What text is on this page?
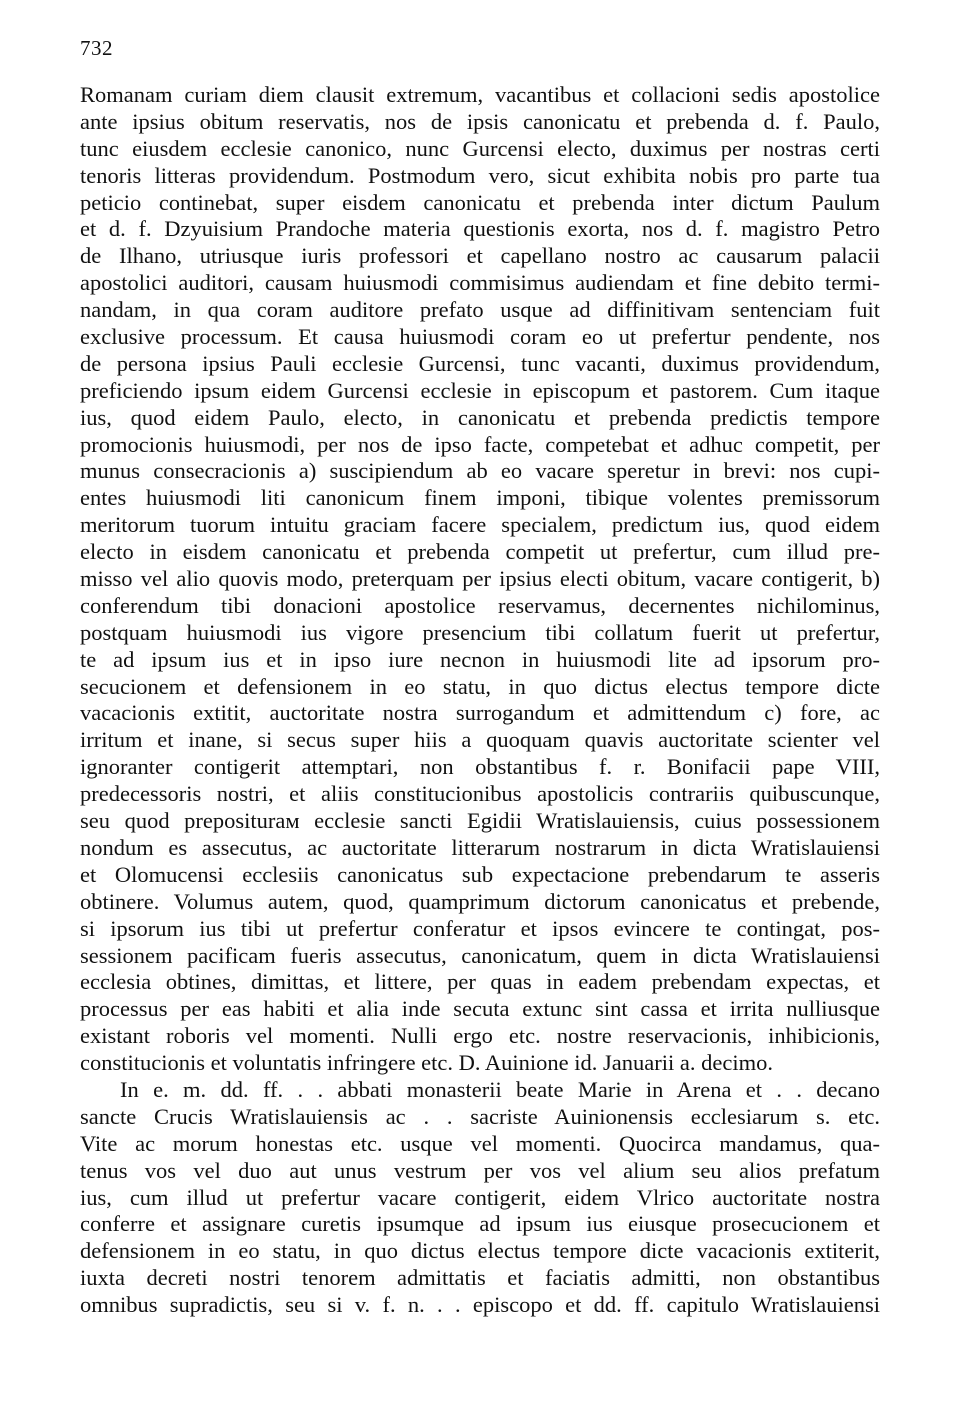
732
Romanam curiam diem clausit extremum, vacantibus et collacioni sedis apostolice
ante ipsius obitum reservatis, nos de ipsis canonicatu et prebenda d. f. Paulo,
tunc eiusdem ecclesie canonico, nunc Gurcensi electo, duximus per nostras certi
tenoris litteras providendum. Postmodum vero, sicut exhibita nobis pro parte tua
peticio continebat, super eisdem canonicatu et prebenda inter dictum Paulum
et d. f. Dzyuisium Prandoche materia questionis exorta, nos d. f. magistro Petro
de Ilhano, utriusque iuris professori et capellano nostro ac causarum palacii
apostolici auditori, causam huiusmodi commisimus audiendam et fine debito termi-
nandam, in qua coram auditore prefato usque ad diffinitivam sentenciam fuit
exclusive processum. Et causa huiusmodi coram eo ut prefertur pendente, nos
de persona ipsius Pauli ecclesie Gurcensi, tunc vacanti, duximus providendum,
preficiendo ipsum eidem Gurcensi ecclesie in episcopum et pastorem. Cum itaque
ius, quod eidem Paulo, electo, in canonicatu et prebenda predictis tempore
promocionis huiusmodi, per nos de ipso facte, competebat et adhuc competit, per
munus consecracionis a) suscipiendum ab eo vacare speretur in brevi: nos cupi-
entes huiusmodi liti canonicum finem imponi, tibique volentes premissorum
meritorum tuorum intuitu graciam facere specialem, predictum ius, quod eidem
electo in eisdem canonicatu et prebenda competit ut prefertur, cum illud pre-
misso vel alio quovis modo, preterquam per ipsius electi obitum, vacare contigerit, b)
conferendum tibi donacioni apostolice reservamus, decernentes nichilominus,
postquam huiusmodi ius vigore presencium tibi collatum fuerit ut prefertur,
te ad ipsum ius et in ipso iure necnon in huiusmodi lite ad ipsorum pro-
secucionem et defensionem in eo statu, in quo dictus electus tempore dicte
vacacionis extitit, auctoritate nostra surrogandum et admittendum c) fore, ac
irritum et inane, si secus super hiis a quoquam quavis auctoritate scienter vel
ignoranter contigerit attemptari, non obstantibus f. r. Bonifacii pape VIII,
predecessoris nostri, et aliis constitucionibus apostolicis contrariis quibuscunque,
seu quod prepositurам ecclesie sancti Egidii Wratislauiensis, cuius possessionem
nondum es assecutus, ac auctoritate litterarum nostrarum in dicta Wratislauiensi
et Olomucensi ecclesiis canonicatus sub expectacione prebendarum te asseris
obtinere. Volumus autem, quod, quamprimum dictorum canonicatus et prebende,
si ipsorum ius tibi ut prefertur conferatur et ipsos evincere te contingat, pos-
sessionem pacificam fueris assecutus, canonicatum, quem in dicta Wratislauiensi
ecclesia obtines, dimittas, et littere, per quas in eadem prebendam expectas, et
processus per eas habiti et alia inde secuta extunc sint cassa et irrita nulliusque
existant roboris vel momenti. Nulli ergo etc. nostre reservacionis, inhibicionis,
constitucionis et voluntatis infringere etc. D. Auinione id. Januarii a. decimo.
In e. m. dd. ff. . . abbati monasterii beate Marie in Arena et . . decano
sancte Crucis Wratislauiensis ac . . sacriste Auinionensis ecclesiarum s. etc.
Vite ac morum honestas etc. usque vel momenti. Quocirca mandamus, qua-
tenus vos vel duo aut unus vestrum per vos vel alium seu alios prefatum
ius, cum illud ut prefertur vacare contigerit, eidem Vlrico auctoritate nostra
conferre et assignare curetis ipsumque ad ipsum ius eiusque prosecucionem et
defensionem in eo statu, in quo dictus electus tempore dicte vacacionis extiterit,
iuxta decreti nostri tenorem admittatis et faciatis admitti, non obstantibus
omnibus supradictis, seu si v. f. n. . . episcopo et dd. ff. capitulo Wratislauiensi
